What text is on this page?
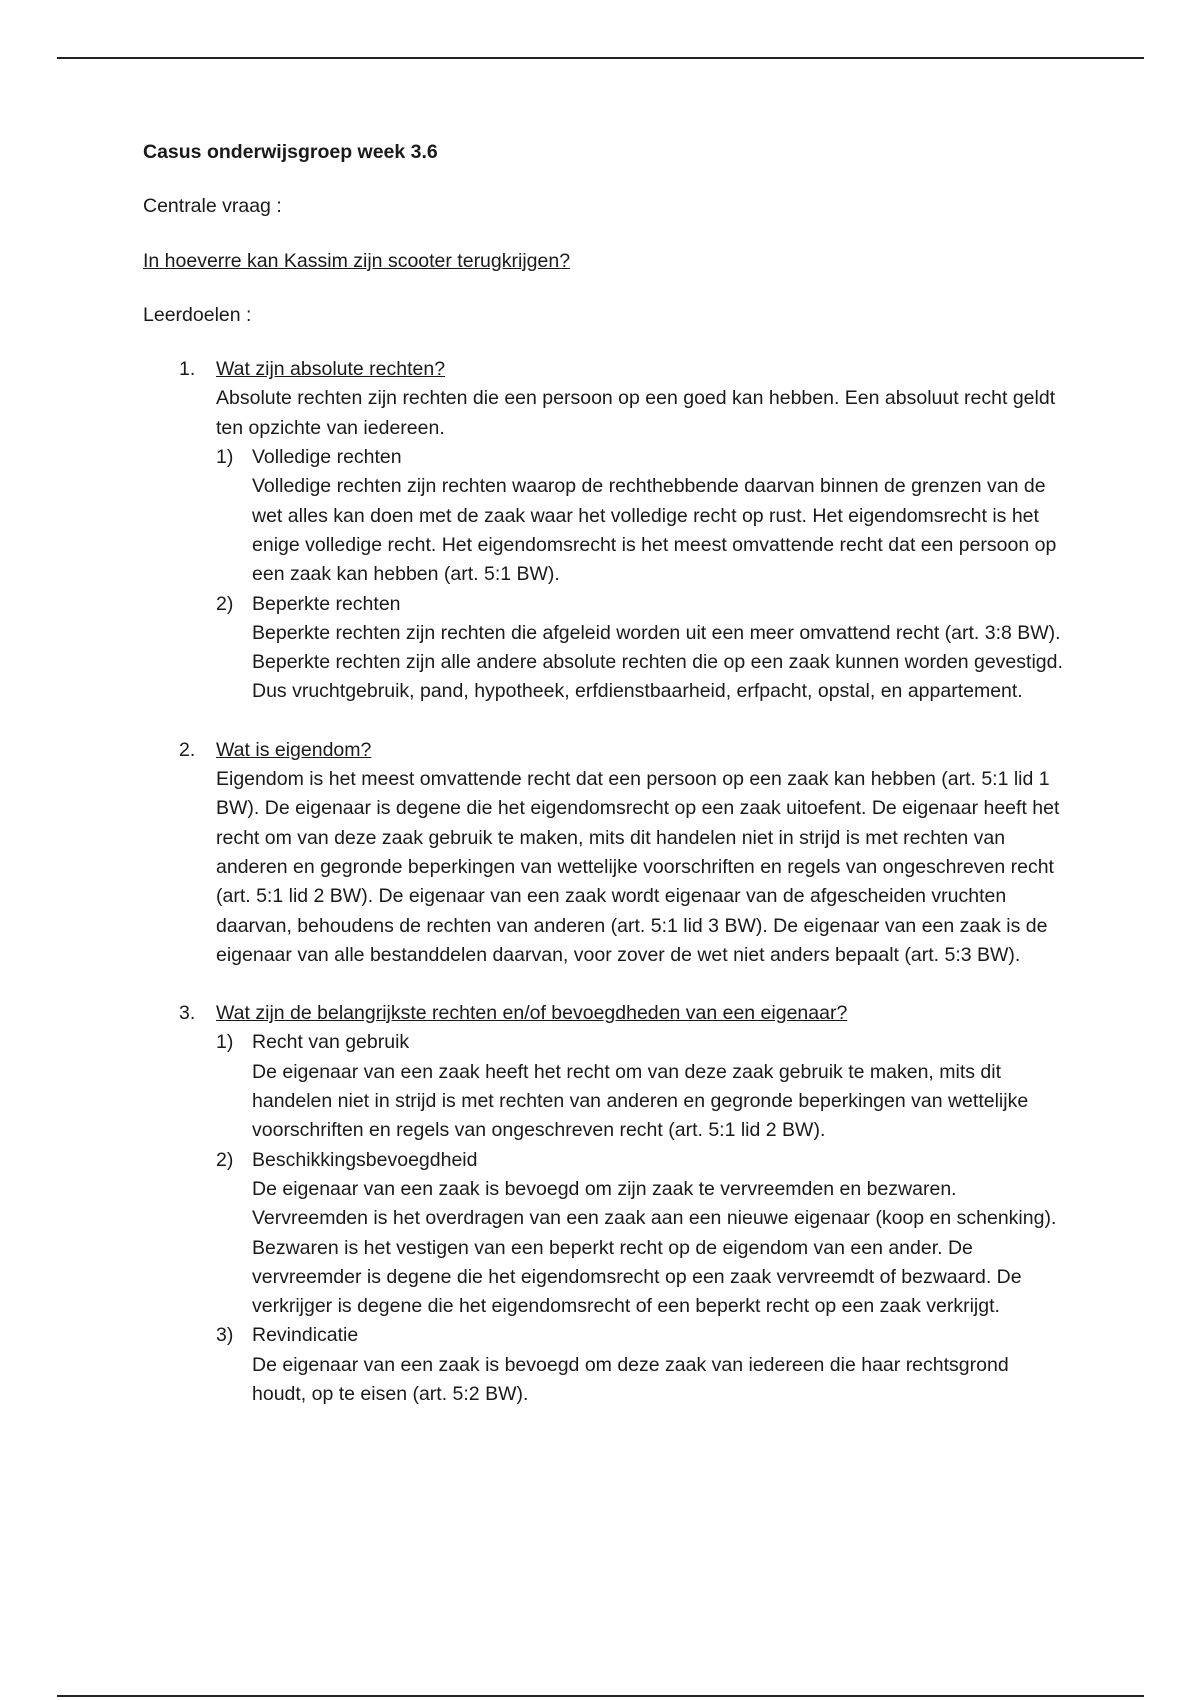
Casus onderwijsgroep week 3.6
Centrale vraag :
In hoeverre kan Kassim zijn scooter terugkrijgen?
Leerdoelen :
1. Wat zijn absolute rechten?
Absolute rechten zijn rechten die een persoon op een goed kan hebben. Een absoluut recht geldt ten opzichte van iedereen.
1) Volledige rechten
Volledige rechten zijn rechten waarop de rechthebbende daarvan binnen de grenzen van de wet alles kan doen met de zaak waar het volledige recht op rust. Het eigendomsrecht is het enige volledige recht. Het eigendomsrecht is het meest omvattende recht dat een persoon op een zaak kan hebben (art. 5:1 BW).
2) Beperkte rechten
Beperkte rechten zijn rechten die afgeleid worden uit een meer omvattend recht (art. 3:8 BW). Beperkte rechten zijn alle andere absolute rechten die op een zaak kunnen worden gevestigd. Dus vruchtgebruik, pand, hypotheek, erfdienstbaarheid, erfpacht, opstal, en appartement.
2. Wat is eigendom?
Eigendom is het meest omvattende recht dat een persoon op een zaak kan hebben (art. 5:1 lid 1 BW). De eigenaar is degene die het eigendomsrecht op een zaak uitoefent. De eigenaar heeft het recht om van deze zaak gebruik te maken, mits dit handelen niet in strijd is met rechten van anderen en gegronde beperkingen van wettelijke voorschriften en regels van ongeschreven recht (art. 5:1 lid 2 BW). De eigenaar van een zaak wordt eigenaar van de afgescheiden vruchten daarvan, behoudens de rechten van anderen (art. 5:1 lid 3 BW). De eigenaar van een zaak is de eigenaar van alle bestanddelen daarvan, voor zover de wet niet anders bepaalt (art. 5:3 BW).
3. Wat zijn de belangrijkste rechten en/of bevoegdheden van een eigenaar?
1) Recht van gebruik
De eigenaar van een zaak heeft het recht om van deze zaak gebruik te maken, mits dit handelen niet in strijd is met rechten van anderen en gegronde beperkingen van wettelijke voorschriften en regels van ongeschreven recht (art. 5:1 lid 2 BW).
2) Beschikkingsbevoegdheid
De eigenaar van een zaak is bevoegd om zijn zaak te vervreemden en bezwaren. Vervreemden is het overdragen van een zaak aan een nieuwe eigenaar (koop en schenking). Bezwaren is het vestigen van een beperkt recht op de eigendom van een ander. De vervreemder is degene die het eigendomsrecht op een zaak vervreemdt of bezwaard. De verkrijger is degene die het eigendomsrecht of een beperkt recht op een zaak verkrijgt.
3) Revindicatie
De eigenaar van een zaak is bevoegd om deze zaak van iedereen die haar rechtsgrond houdt, op te eisen (art. 5:2 BW).
